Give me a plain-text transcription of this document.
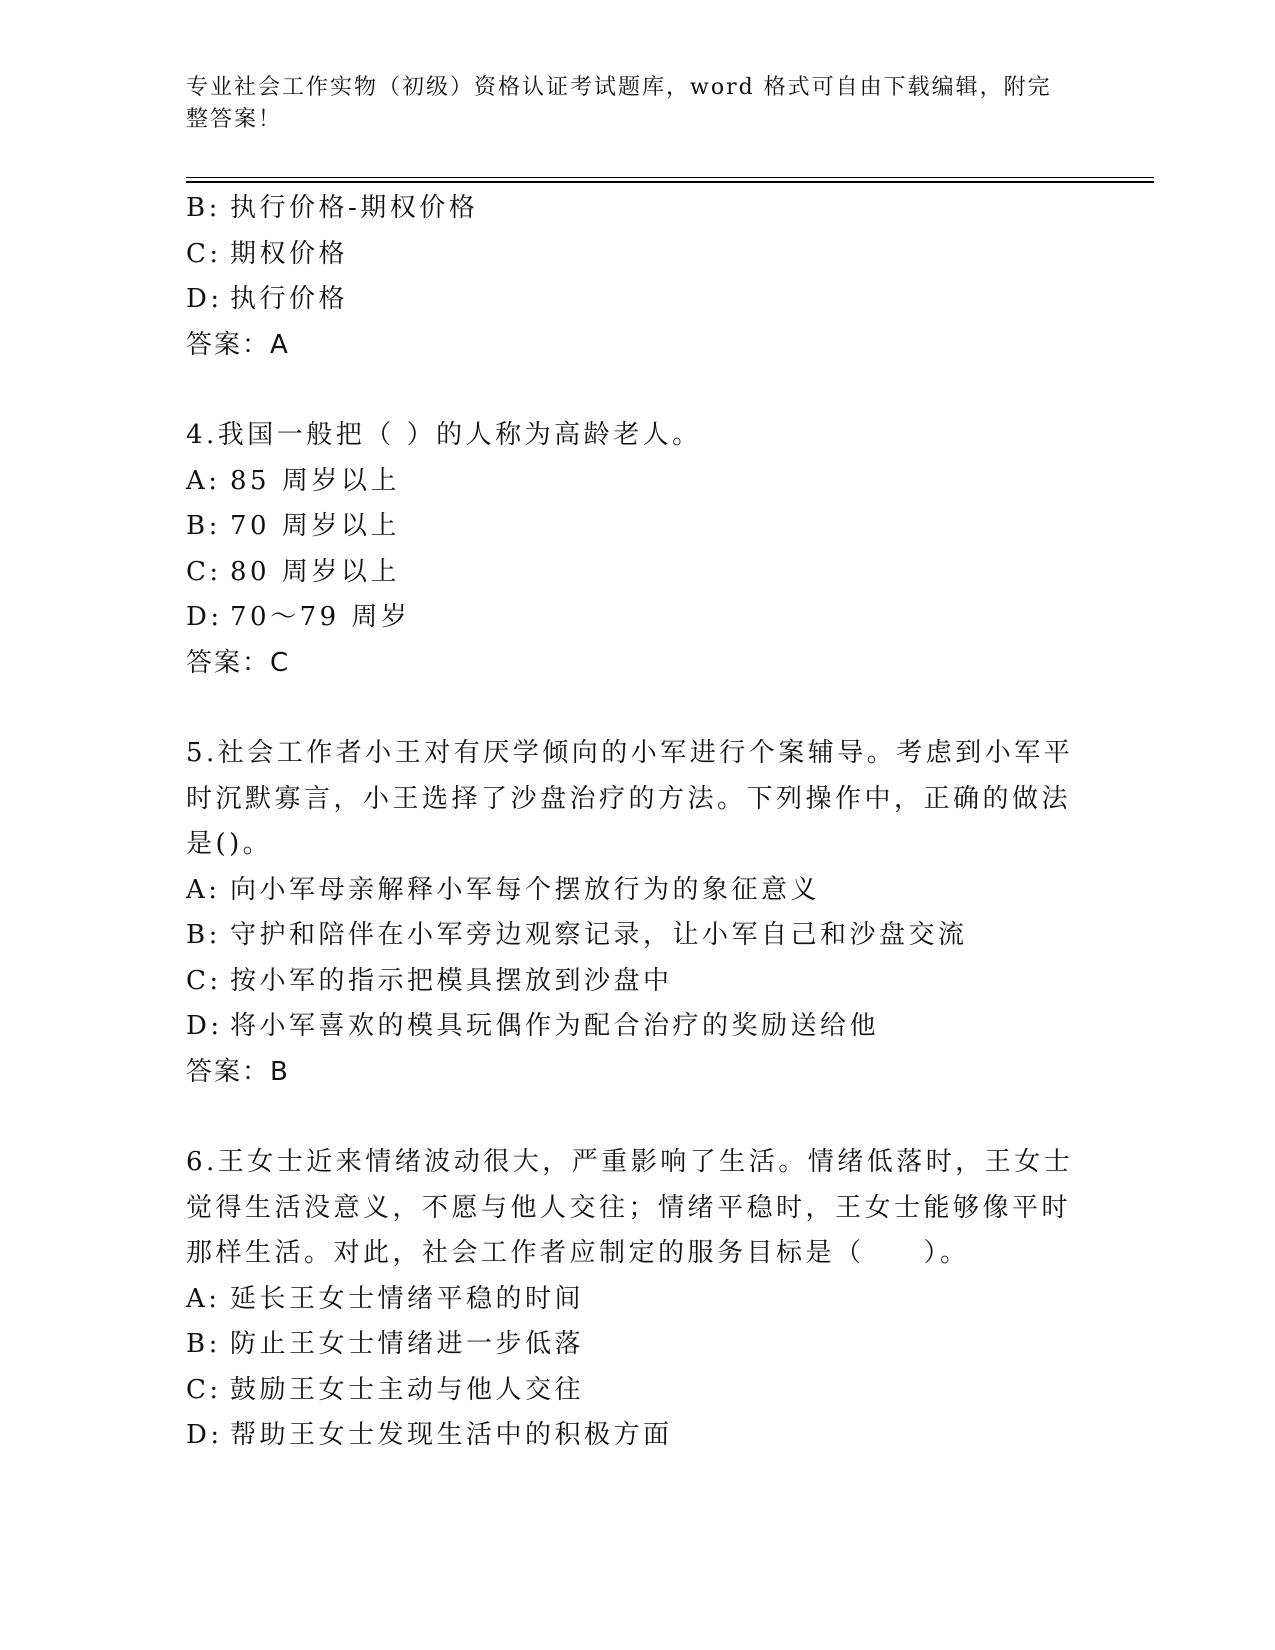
专业社会工作实物（初级）资格认证考试题库，word 格式可自由下载编辑，附完
整答案！
B: 执行价格-期权价格
C: 期权价格
D: 执行价格
答案：A
4.我国一般把（ ）的人称为高龄老人。
A: 85 周岁以上
B: 70 周岁以上
C: 80 周岁以上
D: 70～79 周岁
答案：C
5.社会工作者小王对有厌学倾向的小军进行个案辅导。考虑到小军平
时沉默寡言，小王选择了沙盘治疗的方法。下列操作中，正确的做法
是()。
A: 向小军母亲解释小军每个摆放行为的象征意义
B: 守护和陪伴在小军旁边观察记录，让小军自己和沙盘交流
C: 按小军的指示把模具摆放到沙盘中
D: 将小军喜欢的模具玩偶作为配合治疗的奖励送给他
答案：B
6.王女士近来情绪波动很大，严重影响了生活。情绪低落时，王女士
觉得生活没意义，不愿与他人交往；情绪平稳时，王女士能够像平时
那样生活。对此，社会工作者应制定的服务目标是（　　）。
A: 延长王女士情绪平稳的时间
B: 防止王女士情绪进一步低落
C: 鼓励王女士主动与他人交往
D: 帮助王女士发现生活中的积极方面
